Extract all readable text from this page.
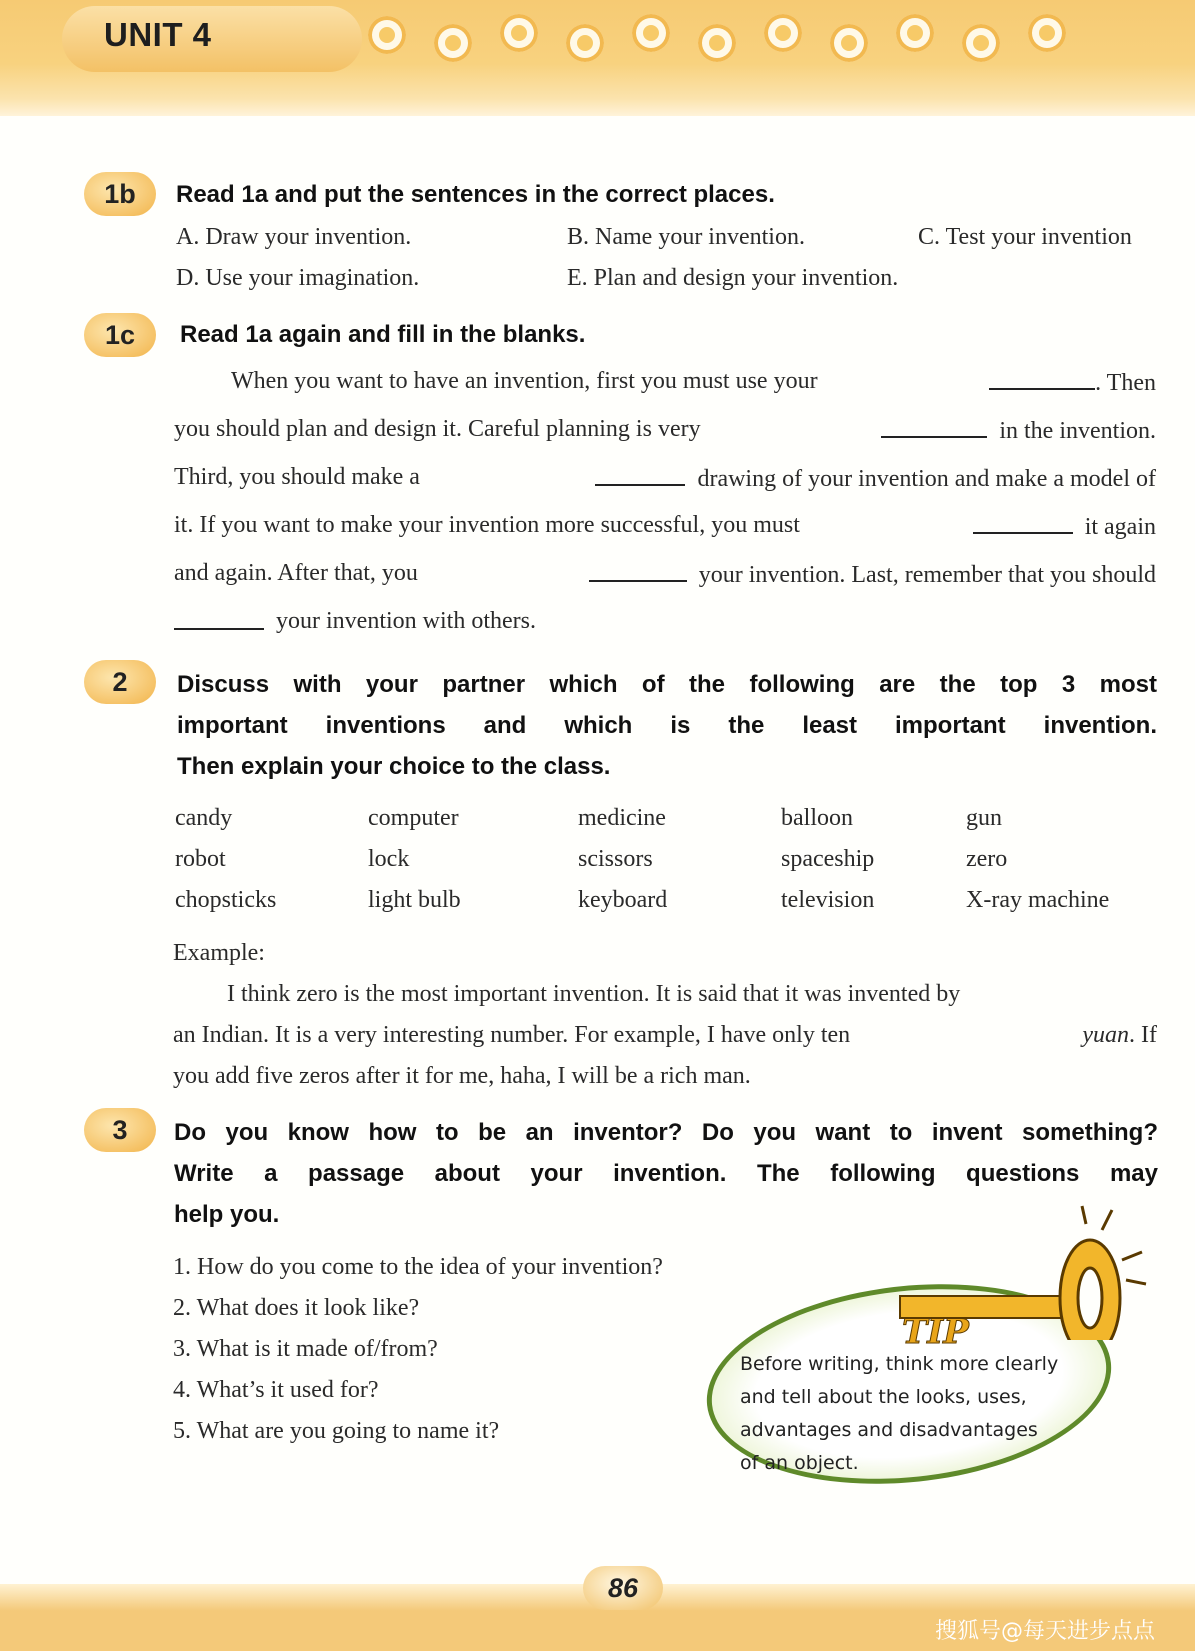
UNIT 4
1b	Read 1a and put the sentences in the correct places.
A. Draw your invention.	B. Name your invention.	C. Test your invention
D. Use your imagination.	E. Plan and design your invention.
1c	Read 1a again and fill in the blanks.
When you want to have an invention, first you must use your	. Then
you should plan and design it. Careful planning is very	in the invention.
Third, you should make a	drawing of your invention and make a model of
it. If you want to make your invention more successful, you must	it again
and again. After that, you	your invention. Last, remember that you should
your invention with others.
2	Discuss with your partner which of the following are the top 3 most
important inventions and which is the least important invention.
Then explain your choice to the class.
candy	computer	medicine	balloon	gun
robot	lock	scissors	spaceship	zero
chopsticks	light bulb	keyboard	television	X-ray machine
Example:
I think zero is the most important invention. It is said that it was invented by
an Indian. It is a very interesting number. For example, I have only ten	yuan. If
you add five zeros after it for me, haha, I will be a rich man.
3	Do you know how to be an inventor? Do you want to invent something?
Write a passage about your invention. The following questions may
help you.
1. How do you come to the idea of your invention?
2. What does it look like?
3. What is it made of/from?
4. What’s it used for?
5. What are you going to name it?
TIP
Before writing, think more clearly
and tell about the looks, uses,
advantages and disadvantages
of an object.
86
搜狐号@每天进步点点
